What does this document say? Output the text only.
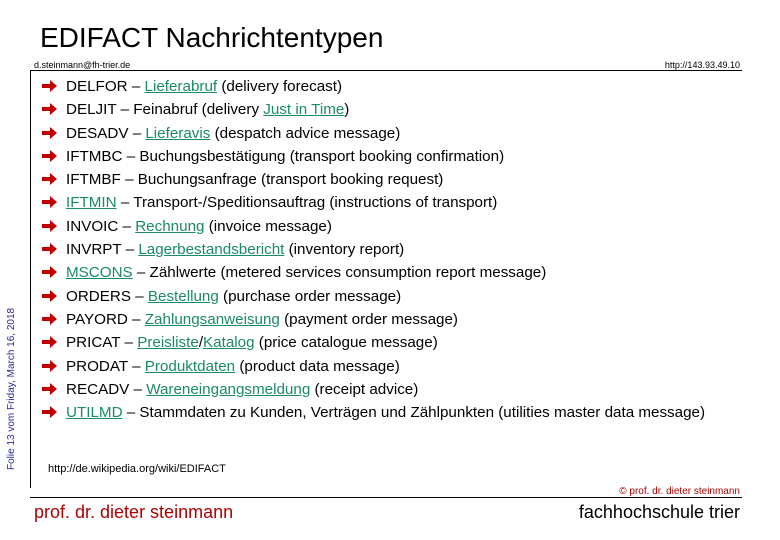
EDIFACT Nachrichtentypen
d.steinmann@fh-trier.de	http://143.93.49.10
Folie 13 vom Friday, March 16, 2018
DELFOR – Lieferabruf (delivery forecast)
DELJIT – Feinabruf (delivery Just in Time)
DESADV – Lieferavis (despatch advice message)
IFTMBC – Buchungsbestätigung (transport booking confirmation)
IFTMBF – Buchungsanfrage (transport booking request)
IFTMIN – Transport-/Speditionsauftrag (instructions of transport)
INVOIC – Rechnung (invoice message)
INVRPT – Lagerbestandsbericht (inventory report)
MSCONS – Zählwerte (metered services consumption report message)
ORDERS – Bestellung (purchase order message)
PAYORD – Zahlungsanweisung (payment order message)
PRICAT – Preisliste/Katalog (price catalogue message)
PRODAT – Produktdaten (product data message)
RECADV – Wareneingangsmeldung (receipt advice)
UTILMD – Stammdaten zu Kunden, Verträgen und Zählpunkten (utilities master data message)
http://de.wikipedia.org/wiki/EDIFACT
© prof. dr. dieter steinmann
prof. dr. dieter steinmann	fachhochschule trier
